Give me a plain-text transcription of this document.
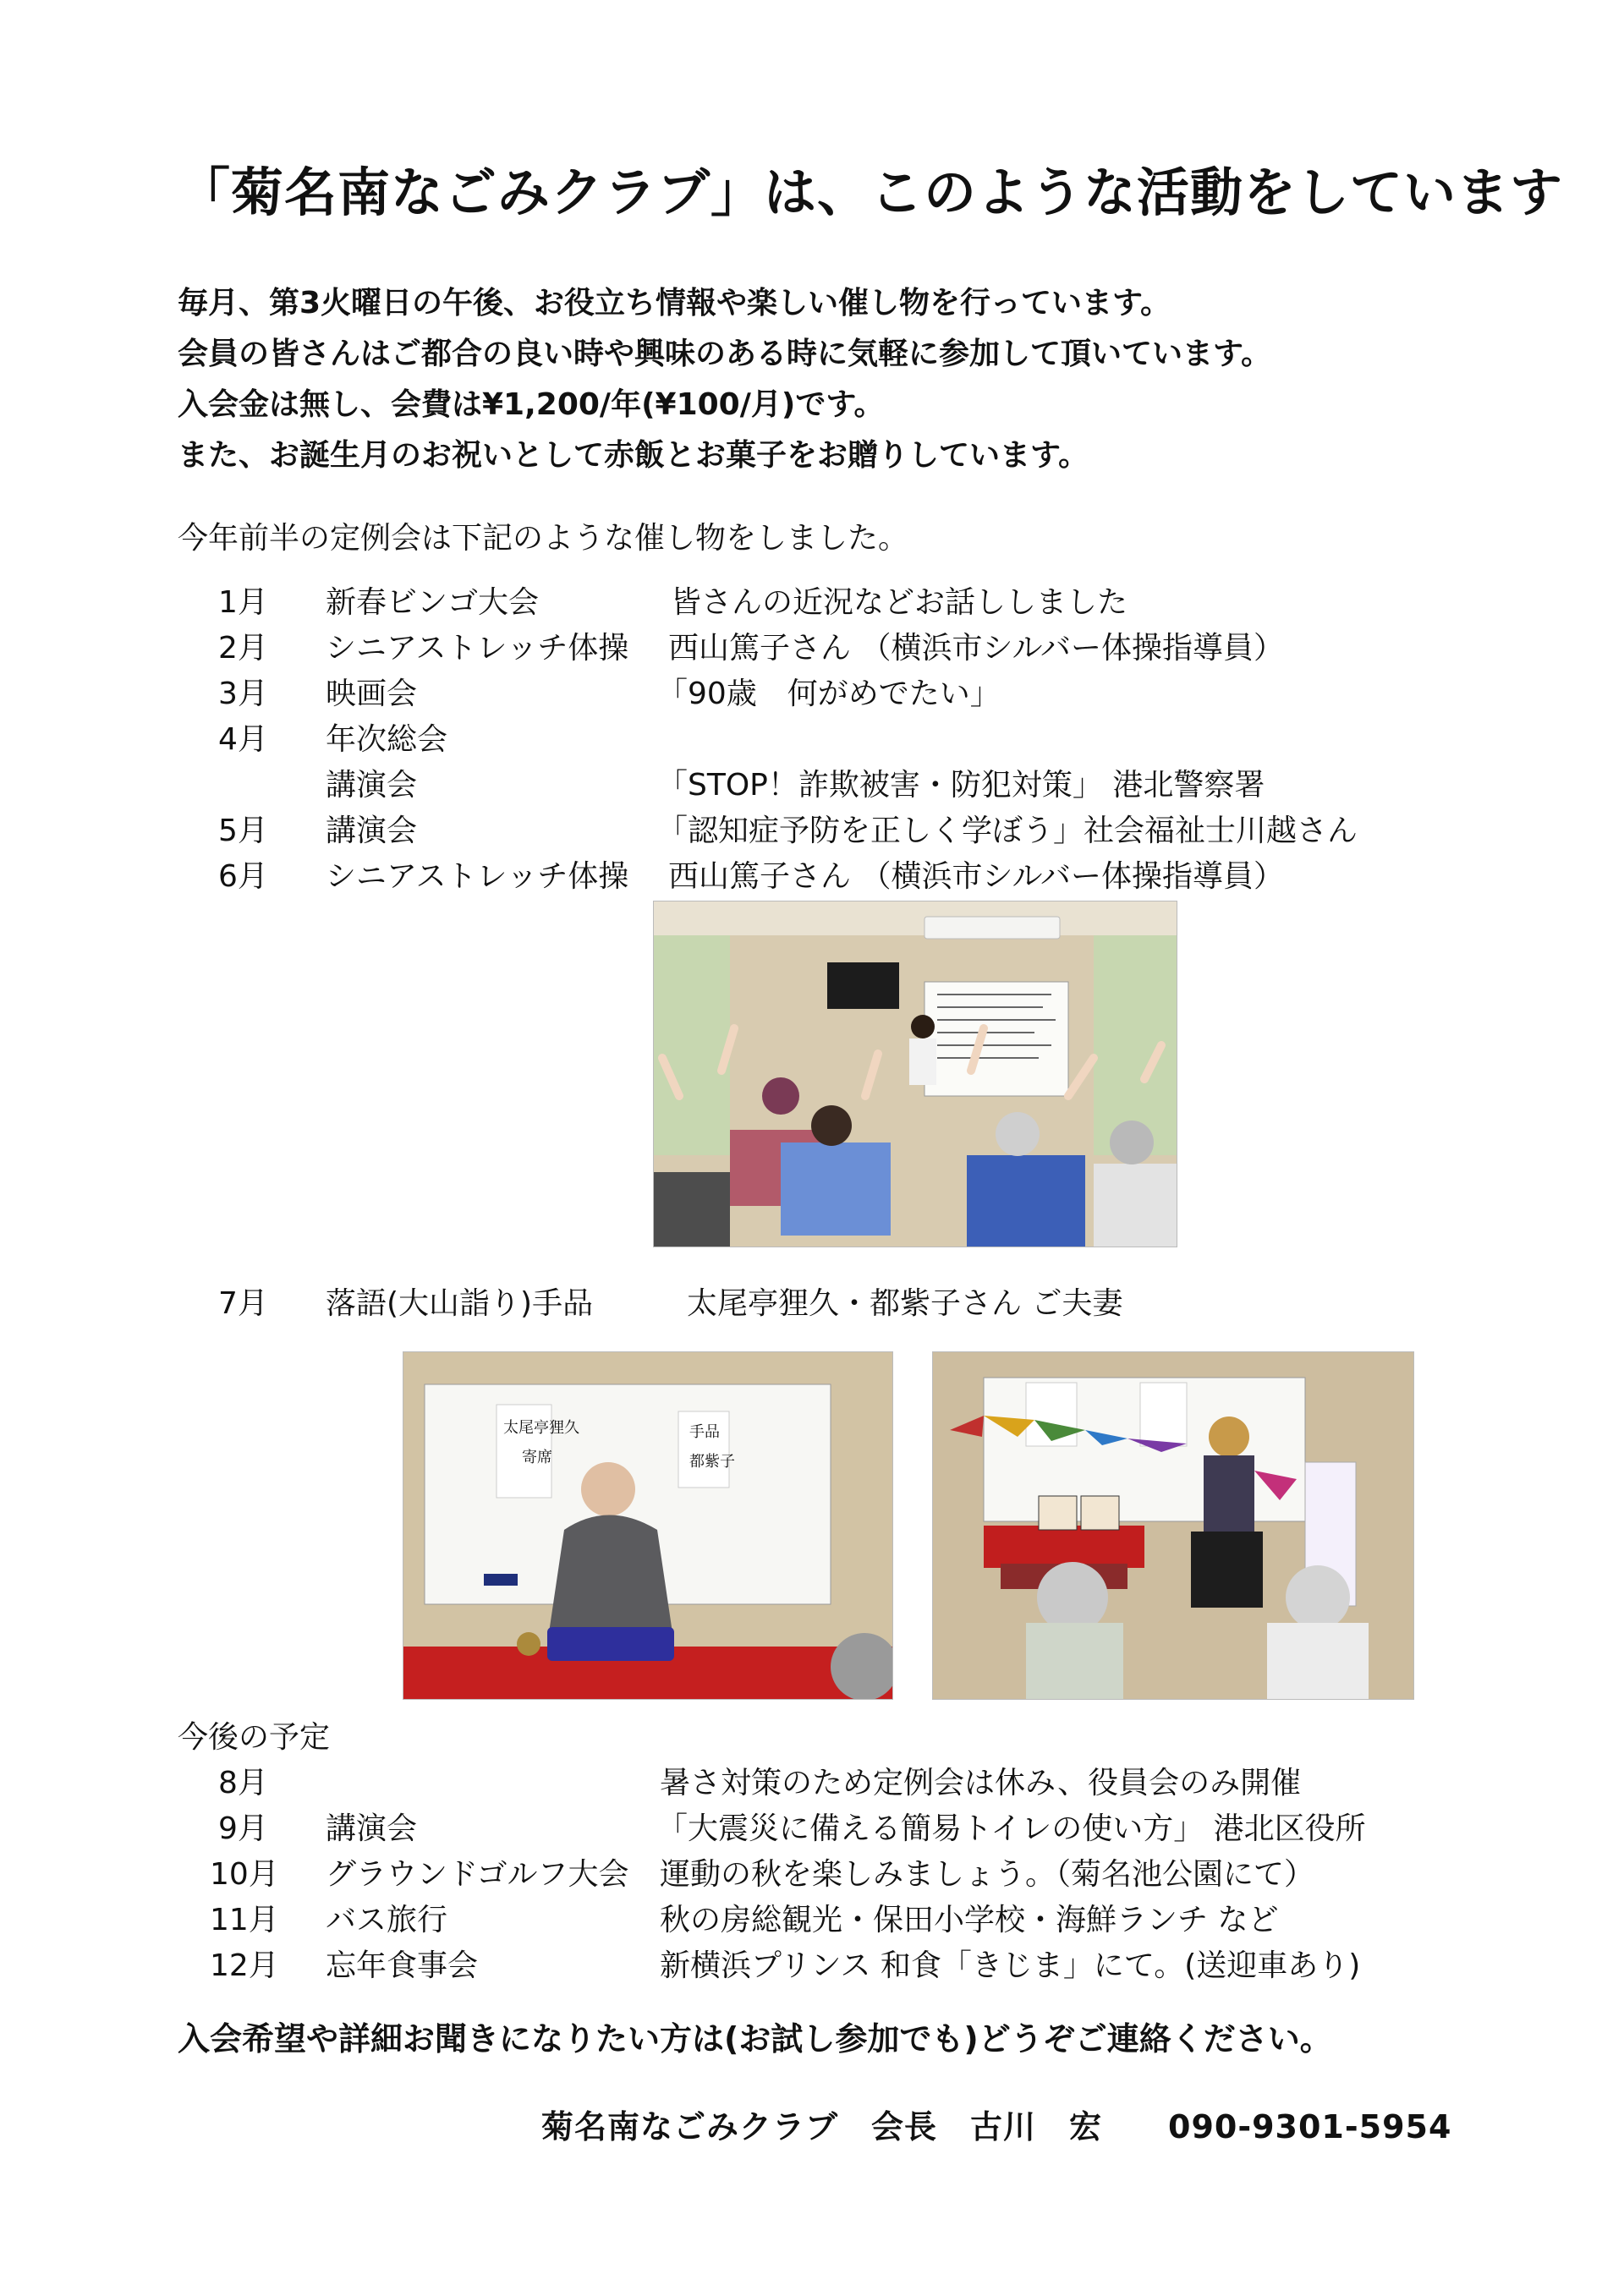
「菊名南なごみクラブ」は、このような活動をしています
毎月、第3火曜日の午後、お役立ち情報や楽しい催し物を行っています。
会員の皆さんはご都合の良い時や興味のある時に気軽に参加して頂いています。
入会金は無し、会費は¥1,200/年(¥100/月)です。
また、お誕生月のお祝いとして赤飯とお菓子をお贈りしています。
今年前半の定例会は下記のような催し物をしました。
1月 新春ビンゴ大会	皆さんの近況などお話ししました
2月 シニアストレッチ体操 西山篤子さん （横浜市シルバー体操指導員）
3月 映画会	「90歳　何がめでたい」
4月 年次総会
講演会	「STOP！詐欺被害・防犯対策」 港北警察署
5月 講演会	「認知症予防を正しく学ぼう」社会福祉士川越さん
6月 シニアストレッチ体操 西山篤子さん （横浜市シルバー体操指導員）
7月 落語(大山詣り)手品	太尾亭狸久・都紫子さん ご夫妻
太尾亭狸久
寄席
手品
都紫子
今後の予定
8月	暑さ対策のため定例会は休み、役員会のみ開催
9月 講演会	「大震災に備える簡易トイレの使い方」 港北区役所
10月 グラウンドゴルフ大会 運動の秋を楽しみましょう。（菊名池公園にて）
11月 バス旅行	秋の房総観光・保田小学校・海鮮ランチ など
12月 忘年食事会	新横浜プリンス 和食「きじま」にて。(送迎車あり)
入会希望や詳細お聞きになりたい方は(お試し参加でも)どうぞご連絡ください。
菊名南なごみクラブ　会長　古川　宏　　090-9301-5954
